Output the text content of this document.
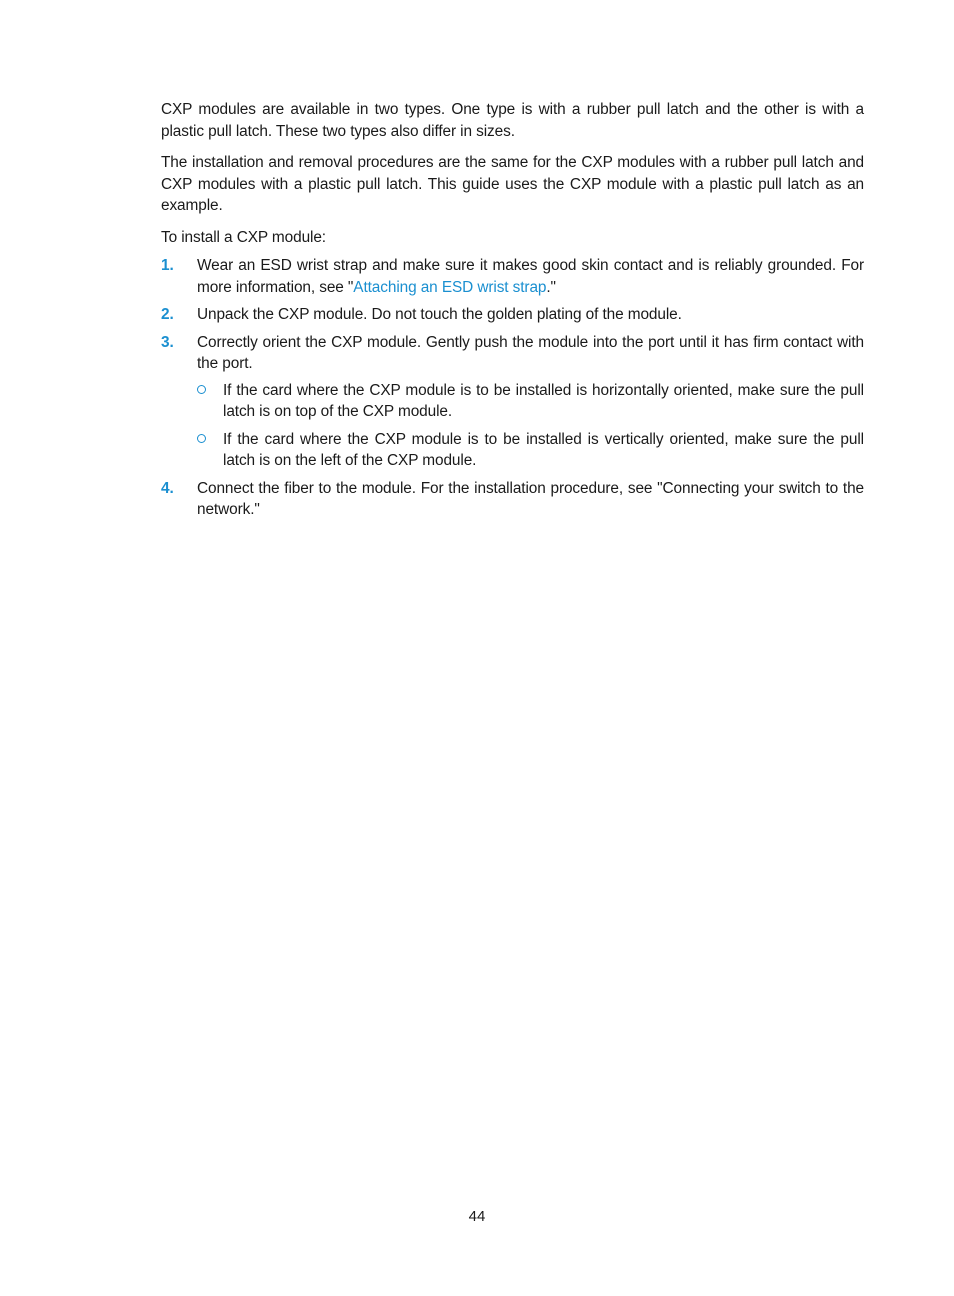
CXP modules are available in two types. One type is with a rubber pull latch and the other is with a plastic pull latch. These two types also differ in sizes.

The installation and removal procedures are the same for the CXP modules with a rubber pull latch and CXP modules with a plastic pull latch. This guide uses the CXP module with a plastic pull latch as an example.

To install a CXP module:

1. Wear an ESD wrist strap and make sure it makes good skin contact and is reliably grounded. For more information, see "Attaching an ESD wrist strap."
2. Unpack the CXP module. Do not touch the golden plating of the module.
3. Correctly orient the CXP module. Gently push the module into the port until it has firm contact with the port.
If the card where the CXP module is to be installed is horizontally oriented, make sure the pull latch is on top of the CXP module.
If the card where the CXP module is to be installed is vertically oriented, make sure the pull latch is on the left of the CXP module.
4. Connect the fiber to the module. For the installation procedure, see "Connecting your switch to the network."
44
